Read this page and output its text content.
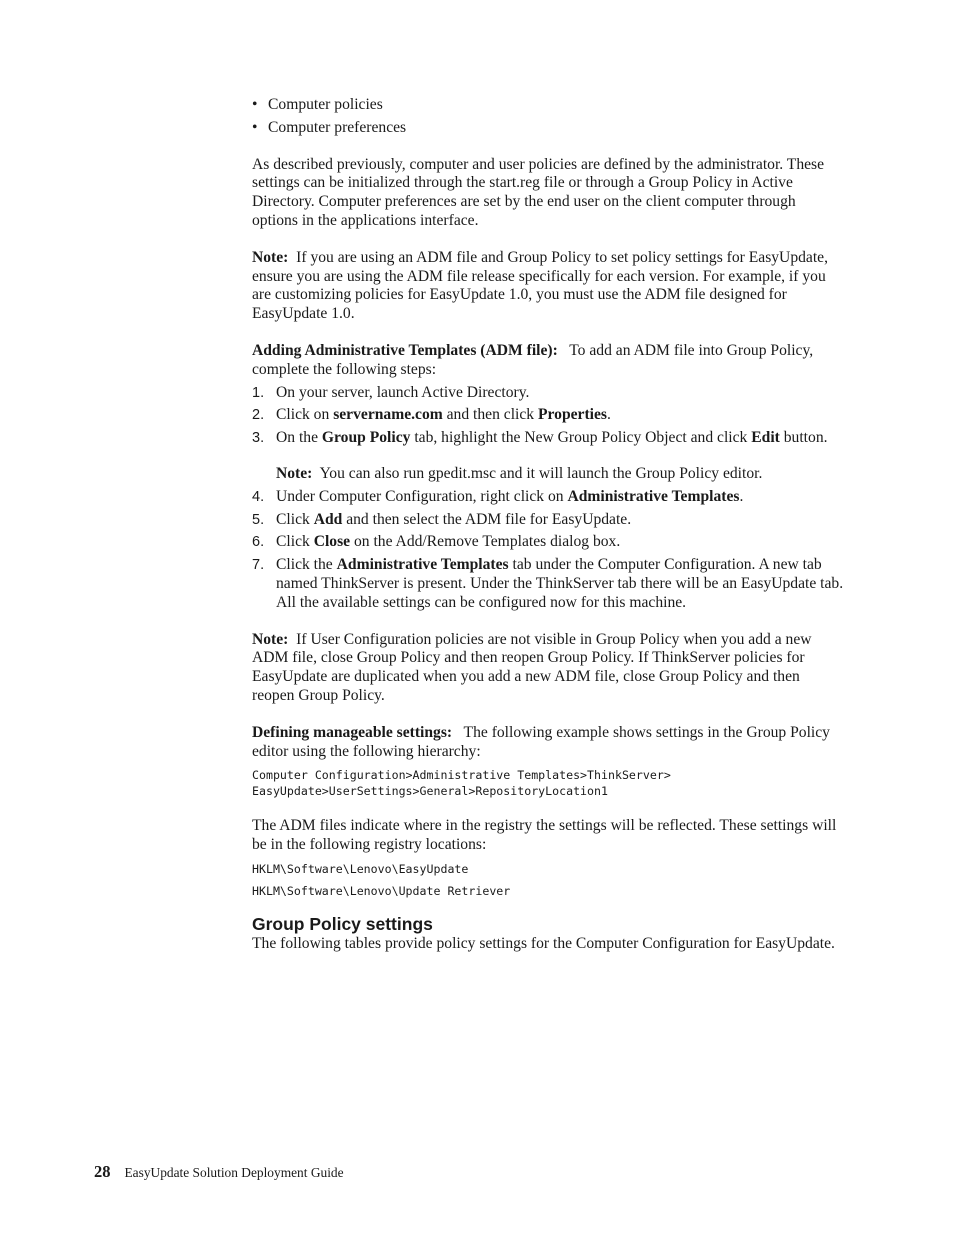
• Computer policies
• Computer preferences

As described previously, computer and user policies are defined by the administrator. These settings can be initialized through the start.reg file or through a Group Policy in Active Directory. Computer preferences are set by the end user on the client computer through options in the applications interface.

Note: If you are using an ADM file and Group Policy to set policy settings for EasyUpdate, ensure you are using the ADM file release specifically for each version. For example, if you are customizing policies for EasyUpdate 1.0, you must use the ADM file designed for EasyUpdate 1.0.

Adding Administrative Templates (ADM file): To add an ADM file into Group Policy, complete the following steps:

1. On your server, launch Active Directory.
2. Click on servername.com and then click Properties.
3. On the Group Policy tab, highlight the New Group Policy Object and click Edit button.
Note: You can also run gpedit.msc and it will launch the Group Policy editor.
4. Under Computer Configuration, right click on Administrative Templates.
5. Click Add and then select the ADM file for EasyUpdate.
6. Click Close on the Add/Remove Templates dialog box.
7. Click the Administrative Templates tab under the Computer Configuration. A new tab named ThinkServer is present. Under the ThinkServer tab there will be an EasyUpdate tab. All the available settings can be configured now for this machine.

Note: If User Configuration policies are not visible in Group Policy when you add a new ADM file, close Group Policy and then reopen Group Policy. If ThinkServer policies for EasyUpdate are duplicated when you add a new ADM file, close Group Policy and then reopen Group Policy.

Defining manageable settings: The following example shows settings in the Group Policy editor using the following hierarchy:

Computer Configuration>Administrative Templates>ThinkServer>
EasyUpdate>UserSettings>General>RepositoryLocation1

The ADM files indicate where in the registry the settings will be reflected. These settings will be in the following registry locations:

HKLM\Software\Lenovo\EasyUpdate
HKLM\Software\Lenovo\Update Retriever
Group Policy settings

The following tables provide policy settings for the Computer Configuration for EasyUpdate.

28 EasyUpdate Solution Deployment Guide
